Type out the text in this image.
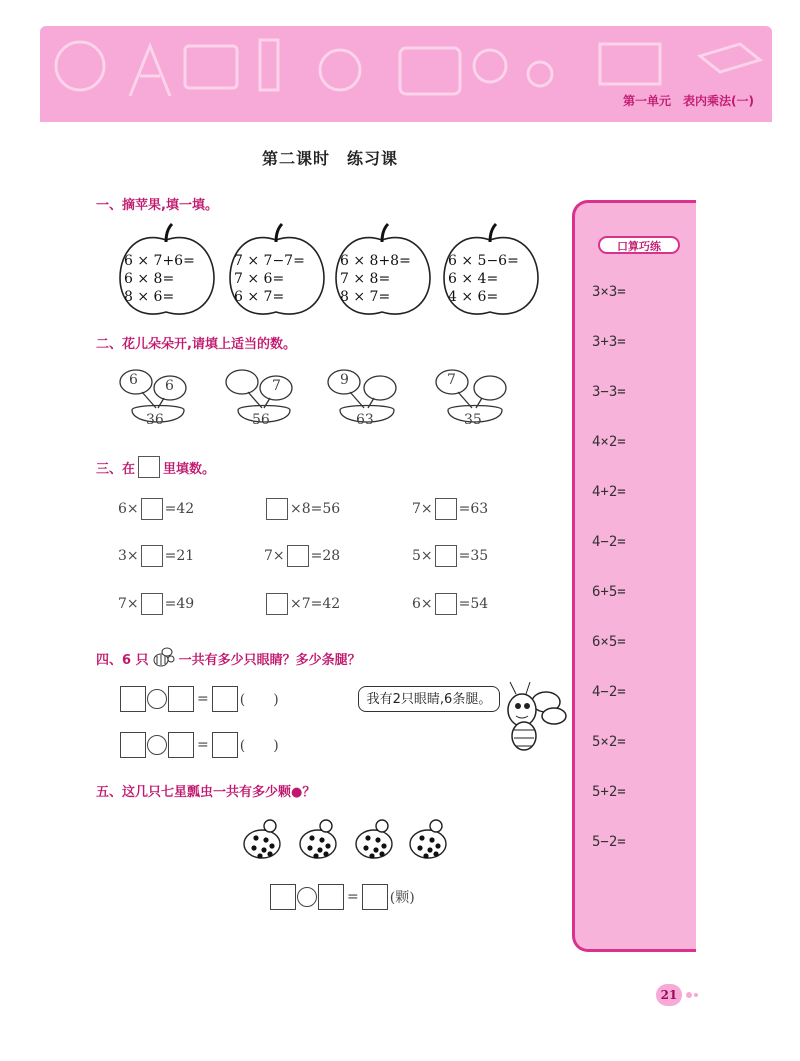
第一单元　表内乘法(一)
第二课时　练习课
一、摘苹果,填一填。
6 × 7+6=
6 × 8=
8 × 6=
7 × 7−7=
7 × 6=
6 × 7=
6 × 8+8=
7 × 8=
8 × 7=
6 × 5−6=
6 × 4=
4 × 6=
二、花儿朵朵开,请填上适当的数。
6 6
36
7
56
9
63
7
35
三、在 里填数。
6× =42	×8=56	7× =63
3× =21	7× =28	5× =35
7× =49	×7=42	6× =54
四、6 只 一共有多少只眼睛？多少条腿？
= (　　)
= (　　)
我有2只眼睛,6条腿。
五、这几只七星瓢虫一共有多少颗●？
= (颗)
口算巧练
3×3=
3+3=
3−3=
4×2=
4+2=
4−2=
6+5=
6×5=
4−2=
5×2=
5+2=
5−2=
21
